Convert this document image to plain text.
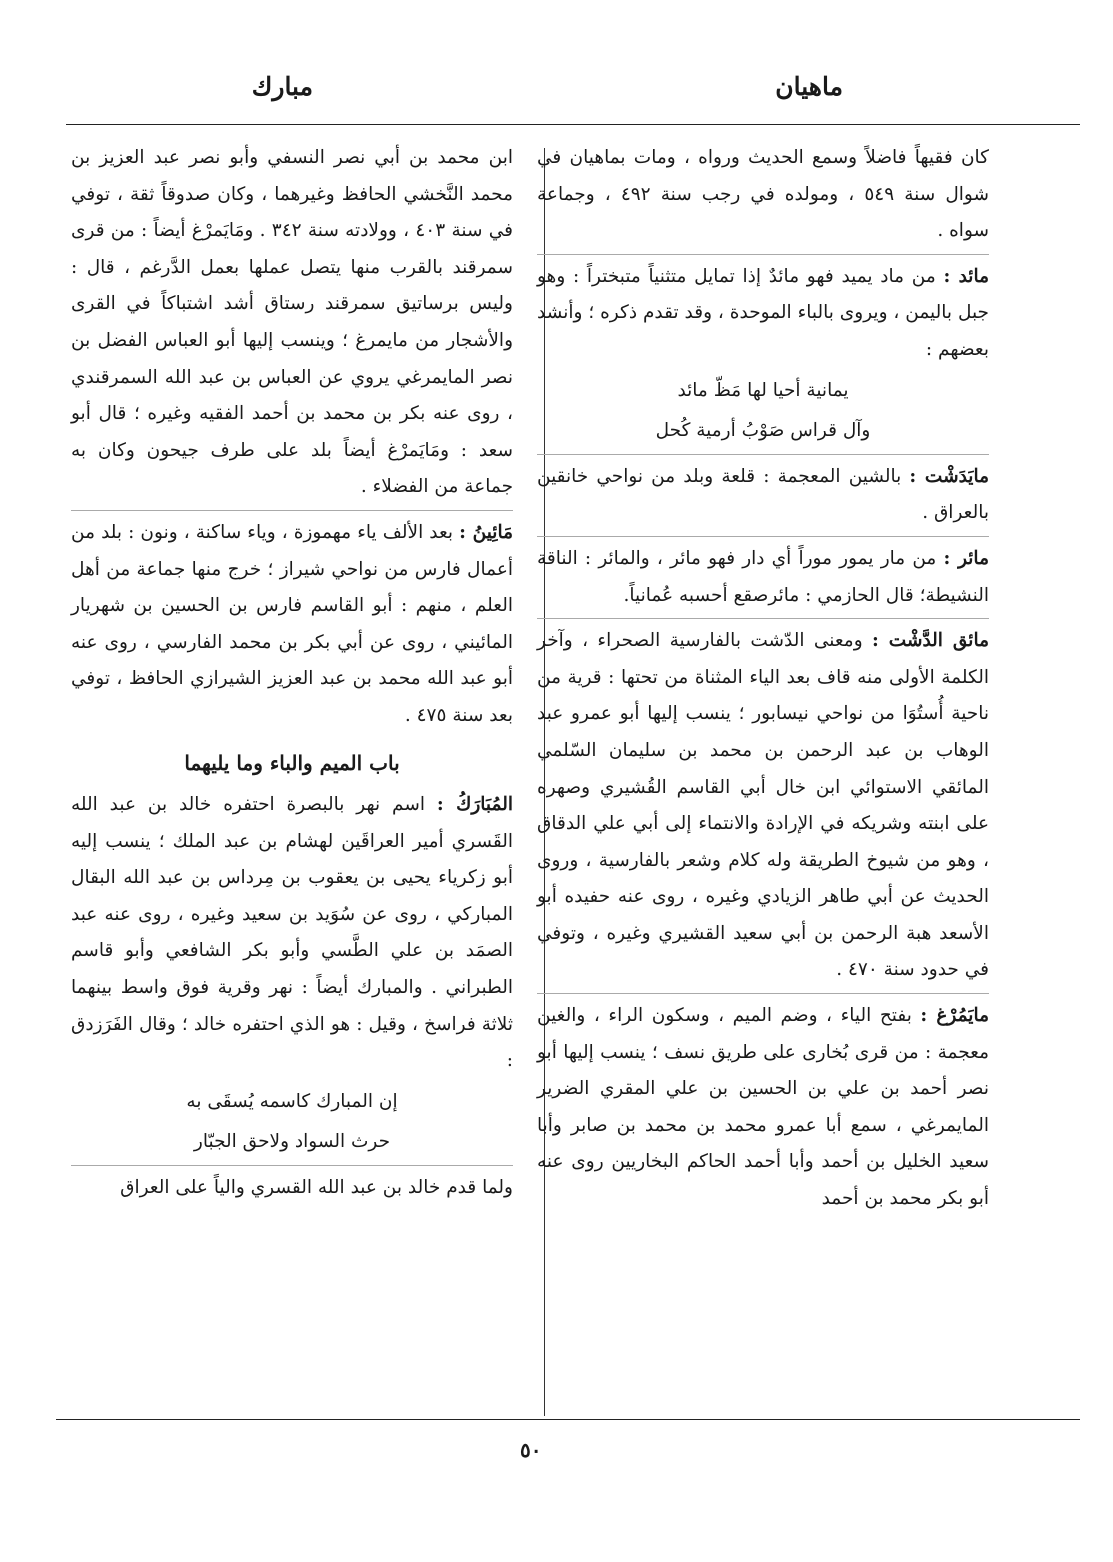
ماهيان
مبارك

كان فقيهاً فاضلاً وسمع الحديث ورواه ، ومات بماهيان في شوال سنة ٥٤٩ ، ومولده في رجب سنة ٤٩٢ ، وجماعة سواه .

مائد : من ماد يميد فهو مائدٌ إذا تمايل متثنياً متبختراً : وهو جبل باليمن ، ويروى بالباء الموحدة ، وقد تقدم ذكره ؛ وأنشد بعضهم :

يمانية أحيا لها مَظّ مائد

وآل قراس صَوْبُ أرمية كُحل

مايَدَشْت : بالشين المعجمة : قلعة وبلد من نواحي خانقين بالعراق .

مائر : من مار يمور موراً أي دار فهو مائر ، والمائر : الناقة النشيطة؛ قال الحازمي : مائرصقع أحسبه عُمانياً.

مائق الدَّشْت : ومعنى الدّشت بالفارسية الصحراء ، وآخر الكلمة الأولى منه قاف بعد الياء المثناة من تحتها : قرية من ناحية أُستُوَا من نواحي نيسابور ؛ ينسب إليها أبو عمرو عبد الوهاب بن عبد الرحمن بن محمد بن سليمان السّلمي المائقي الاستوائي ابن خال أبي القاسم القُشيري وصهره على ابنته وشريكه في الإرادة والانتماء إلى أبي علي الدقاق ، وهو من شيوخ الطريقة وله كلام وشعر بالفارسية ، وروى الحديث عن أبي طاهر الزيادي وغيره ، روى عنه حفيده أبو الأسعد هبة الرحمن بن أبي سعيد القشيري وغيره ، وتوفي في حدود سنة ٤٧٠ .

مايَمُرْغ : بفتح الياء ، وضم الميم ، وسكون الراء ، والغين معجمة : من قرى بُخارى على طريق نسف ؛ ينسب إليها أبو نصر أحمد بن علي بن الحسين بن علي المقري الضرير المايمرغي ، سمع أبا عمرو محمد بن محمد بن صابر وأبا سعيد الخليل بن أحمد وأبا أحمد الحاكم البخاريين روى عنه أبو بكر محمد بن أحمد

ابن محمد بن أبي نصر النسفي وأبو نصر عبد العزيز بن محمد النَّخشي الحافظ وغيرهما ، وكان صدوقاً ثقة ، توفي في سنة ٤٠٣ ، وولادته سنة ٣٤٢ . ومَايَمرْغ أيضاً : من قرى سمرقند بالقرب منها يتصل عملها بعمل الدَّرغم ، قال : وليس برساتيق سمرقند رستاق أشد اشتباكاً في القرى والأشجار من مايمرغ ؛ وينسب إليها أبو العباس الفضل بن نصر المايمرغي يروي عن العباس بن عبد الله السمرقندي ، روى عنه بكر بن محمد بن أحمد الفقيه وغيره ؛ قال أبو سعد : ومَايَمرْغ أيضاً بلد على طرف جيحون وكان به جماعة من الفضلاء .

مَائِينُ : بعد الألف ياء مهموزة ، وياء ساكنة ، ونون : بلد من أعمال فارس من نواحي شيراز ؛ خرج منها جماعة من أهل العلم ، منهم : أبو القاسم فارس بن الحسين بن شهريار المائيني ، روى عن أبي بكر بن محمد الفارسي ، روى عنه أبو عبد الله محمد بن عبد العزيز الشيرازي الحافظ ، توفي بعد سنة ٤٧٥ .

باب الميم والباء وما يليهما

المُبَارَكُ : اسم نهر بالبصرة احتفره خالد بن عبد الله القَسري أمير العراقَين لهشام بن عبد الملك ؛ ينسب إليه أبو زكرياء يحيى بن يعقوب بن مِرداس بن عبد الله البقال المباركي ، روى عن سُوَيد بن سعيد وغيره ، روى عنه عبد الصمَد بن علي الطَّسي وأبو بكر الشافعي وأبو قاسم الطبراني . والمبارك أيضاً : نهر وقرية فوق واسط بينهما ثلاثة فراسخ ، وقيل : هو الذي احتفره خالد ؛ وقال الفَرَزدق :

إن المبارك كاسمه يُسقَى به

حرث السواد ولاحق الجبّار

ولما قدم خالد بن عبد الله القسري والياً على العراق

٥٠
